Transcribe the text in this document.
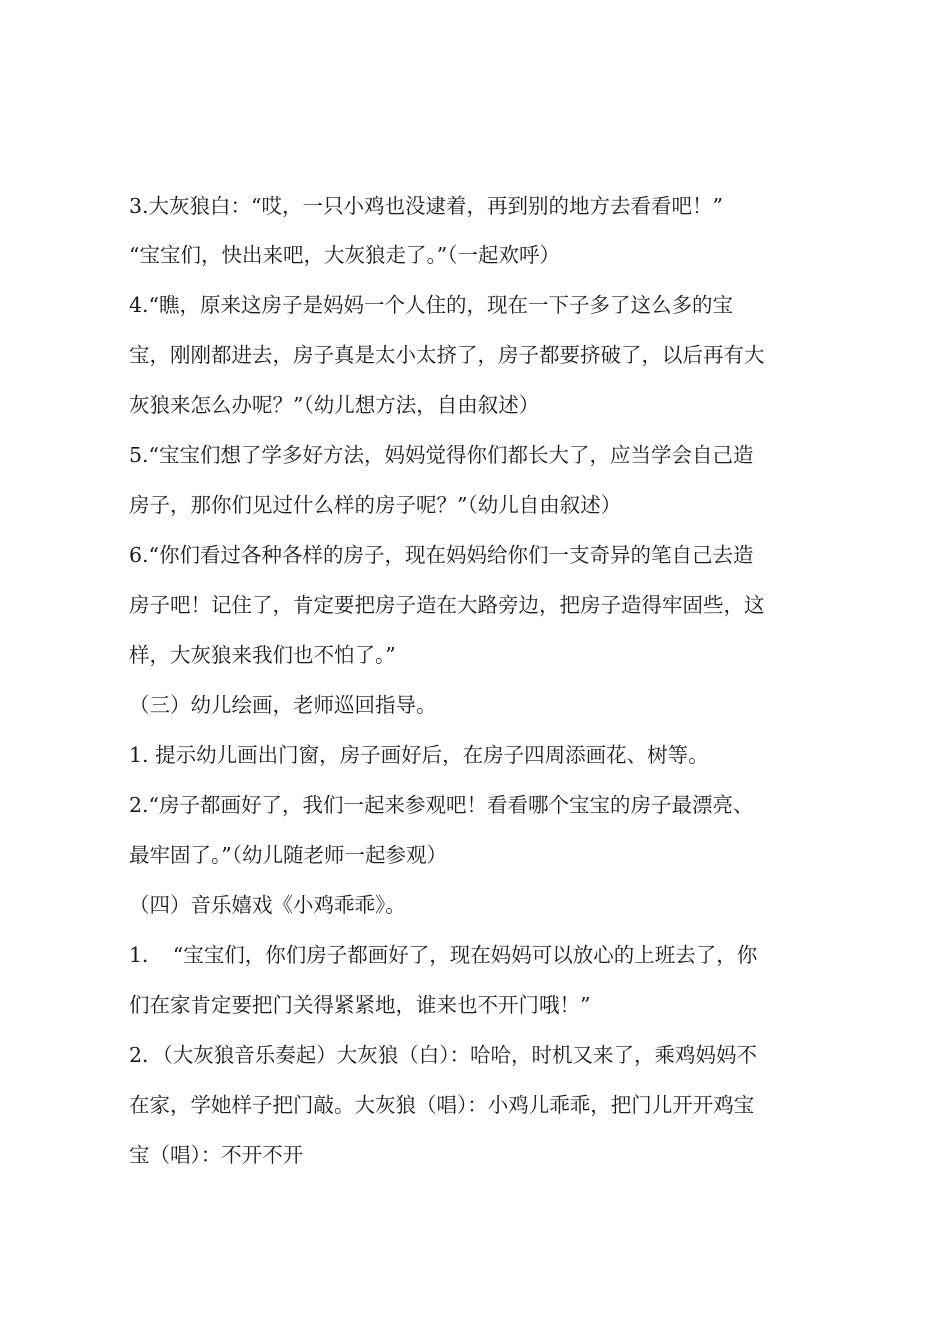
3.大灰狼白：“哎，一只小鸡也没逮着，再到别的地方去看看吧！”
“宝宝们，快出来吧，大灰狼走了。”（一起欢呼）
4.“瞧，原来这房子是妈妈一个人住的，现在一下子多了这么多的宝
宝，刚刚都进去，房子真是太小太挤了，房子都要挤破了，以后再有大
灰狼来怎么办呢？”（幼儿想方法，自由叙述）
5.“宝宝们想了学多好方法，妈妈觉得你们都长大了，应当学会自己造
房子，那你们见过什么样的房子呢？”（幼儿自由叙述）
6.“你们看过各种各样的房子，现在妈妈给你们一支奇异的笔自己去造
房子吧！记住了，肯定要把房子造在大路旁边，把房子造得牢固些，这
样，大灰狼来我们也不怕了。”
（三）幼儿绘画，老师巡回指导。
1. 提示幼儿画出门窗，房子画好后，在房子四周添画花、树等。
2.“房子都画好了，我们一起来参观吧！看看哪个宝宝的房子最漂亮、
最牢固了。”（幼儿随老师一起参观）
（四）音乐嬉戏《小鸡乖乖》。
1．　“宝宝们，你们房子都画好了，现在妈妈可以放心的上班去了，你
们在家肯定要把门关得紧紧地，谁来也不开门哦！”
2．（大灰狼音乐奏起）大灰狼（白）：哈哈，时机又来了，乘鸡妈妈不
在家，学她样子把门敲。大灰狼（唱）：小鸡儿乖乖，把门儿开开鸡宝
宝（唱）：不开不开
